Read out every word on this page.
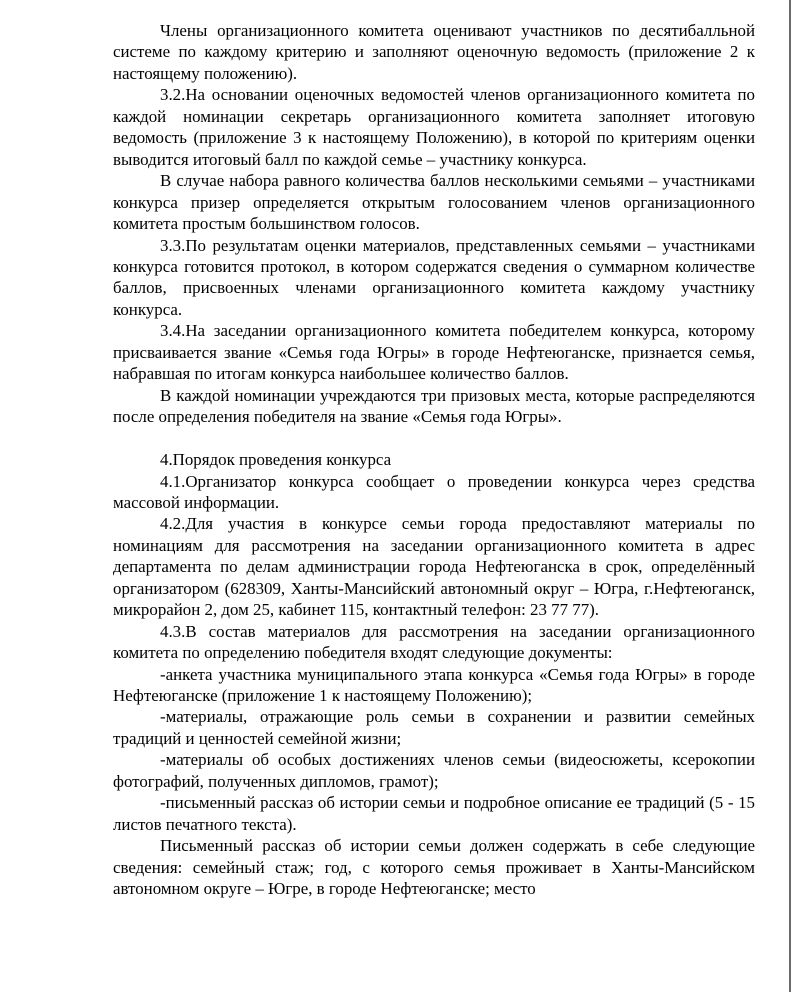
Члены организационного комитета оценивают участников по десятибалльной системе по каждому критерию и заполняют оценочную ведомость (приложение 2 к настоящему положению).

3.2.На основании оценочных ведомостей членов организационного комитета по каждой номинации секретарь организационного комитета заполняет итоговую ведомость (приложение 3 к настоящему Положению), в которой по критериям оценки выводится итоговый балл по каждой семье – участнику конкурса.

В случае набора равного количества баллов несколькими семьями – участниками конкурса призер определяется открытым голосованием членов организационного комитета простым большинством голосов.

3.3.По результатам оценки материалов, представленных семьями – участниками конкурса готовится протокол, в котором содержатся сведения о суммарном количестве баллов, присвоенных членами организационного комитета каждому участнику конкурса.

3.4.На заседании организационного комитета победителем конкурса, которому присваивается звание «Семья года Югры» в городе Нефтеюганске, признается семья, набравшая по итогам конкурса наибольшее количество баллов.

В каждой номинации учреждаются три призовых места, которые распределяются после определения победителя на звание «Семья года Югры».

4.Порядок проведения конкурса

4.1.Организатор конкурса сообщает о проведении конкурса через средства массовой информации.

4.2.Для участия в конкурсе семьи города предоставляют материалы по номинациям для рассмотрения на заседании организационного комитета в адрес департамента по делам администрации города Нефтеюганска в срок, определённый организатором (628309, Ханты-Мансийский автономный округ – Югра, г.Нефтеюганск, микрорайон 2, дом 25, кабинет 115, контактный телефон: 23 77 77).

4.3.В состав материалов для рассмотрения на заседании организационного комитета по определению победителя входят следующие документы:

-анкета участника муниципального этапа конкурса «Семья года Югры» в городе Нефтеюганске (приложение 1 к настоящему Положению);

-материалы, отражающие роль семьи в сохранении и развитии семейных традиций и ценностей семейной жизни;

-материалы об особых достижениях членов семьи (видеосюжеты, ксерокопии фотографий, полученных дипломов, грамот);

-письменный рассказ об истории семьи и подробное описание ее традиций (5 - 15 листов печатного текста).

Письменный рассказ об истории семьи должен содержать в себе следующие сведения: семейный стаж; год, с которого семья проживает в Ханты-Мансийском автономном округе – Югре, в городе Нефтеюганске; место
